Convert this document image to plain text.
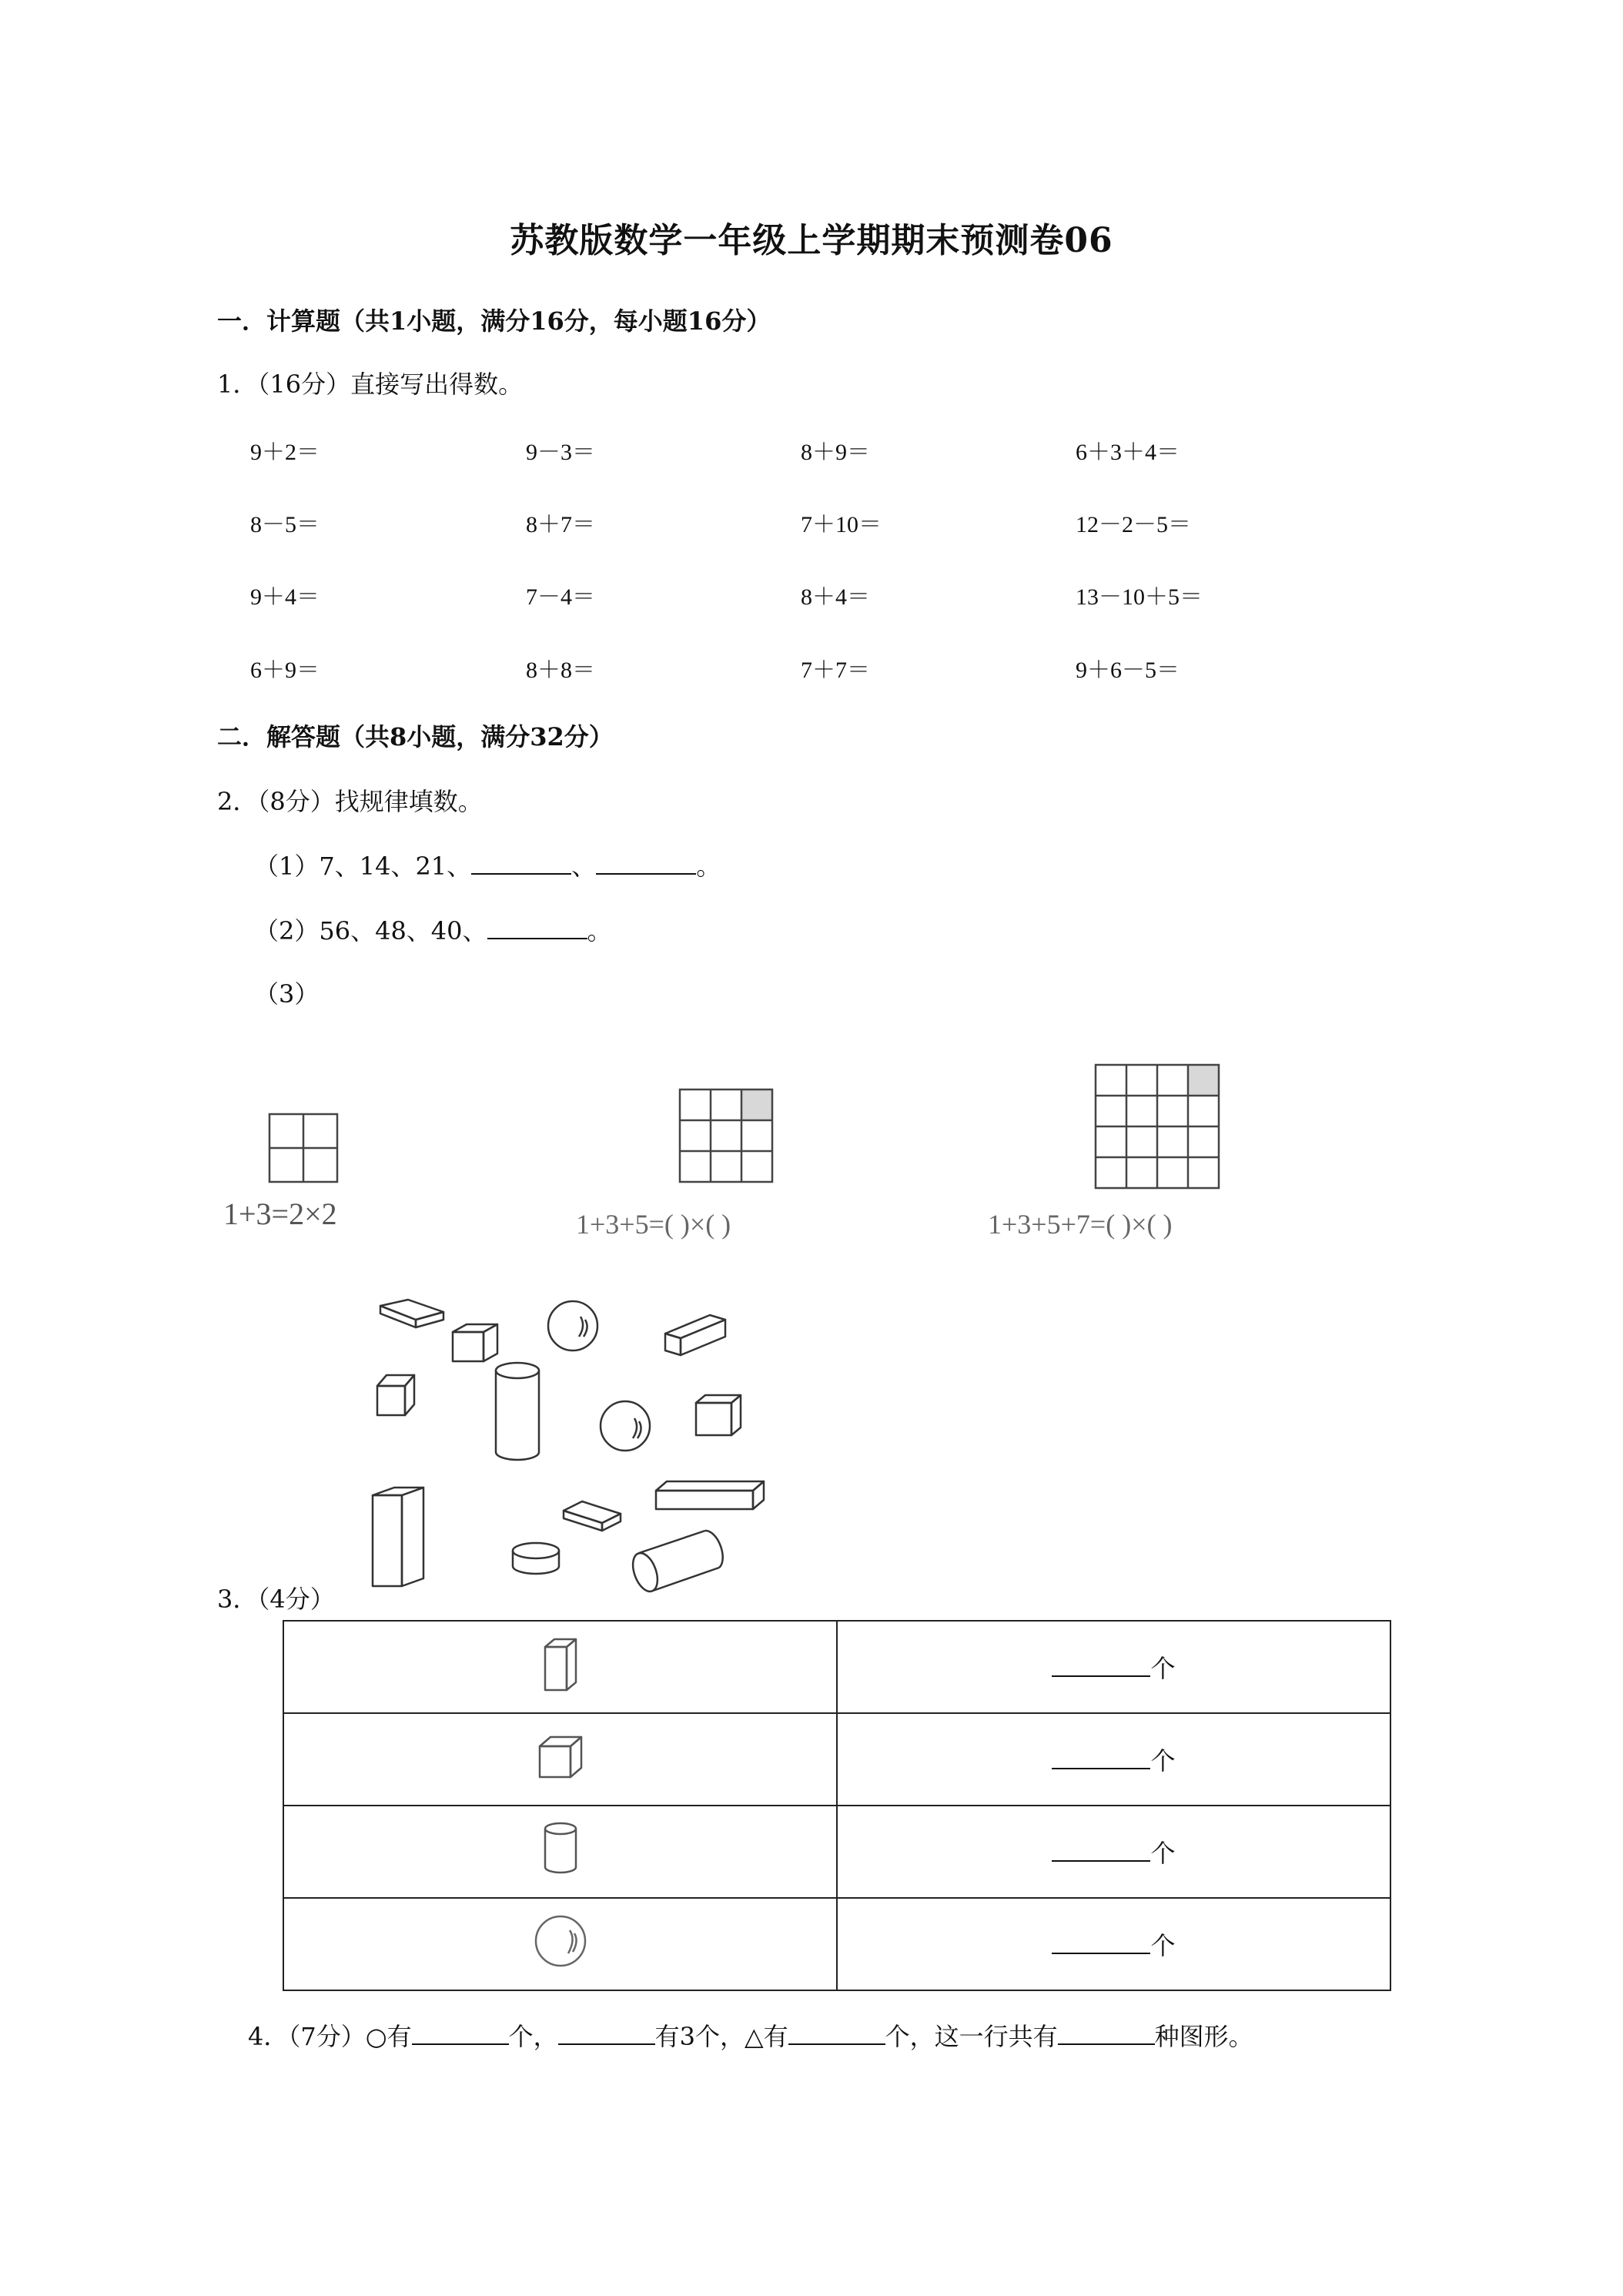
苏教版数学一年级上学期期末预测卷06
一．计算题（共1小题，满分16分，每小题16分）
1．（16分）直接写出得数。
9＋2＝	9－3＝	8＋9＝	6＋3＋4＝
8－5＝	8＋7＝	7＋10＝	12－2－5＝
9＋4＝	7－4＝	8＋4＝	13－10＋5＝
6＋9＝	8＋8＝	7＋7＝	9＋6－5＝
二．解答题（共8小题，满分32分）
2．（8分）找规律填数。
（1）7、14、21、	、	。
（2）56、48、40、	。
（3）
1+3=2×2	1+3+5=( )×( )	1+3+5+7=( )×( )
3．（4分）
	个
	个
	个
	个
4．（7分）○有	个，	有3个，△有	个，这一行共有	种图形。
